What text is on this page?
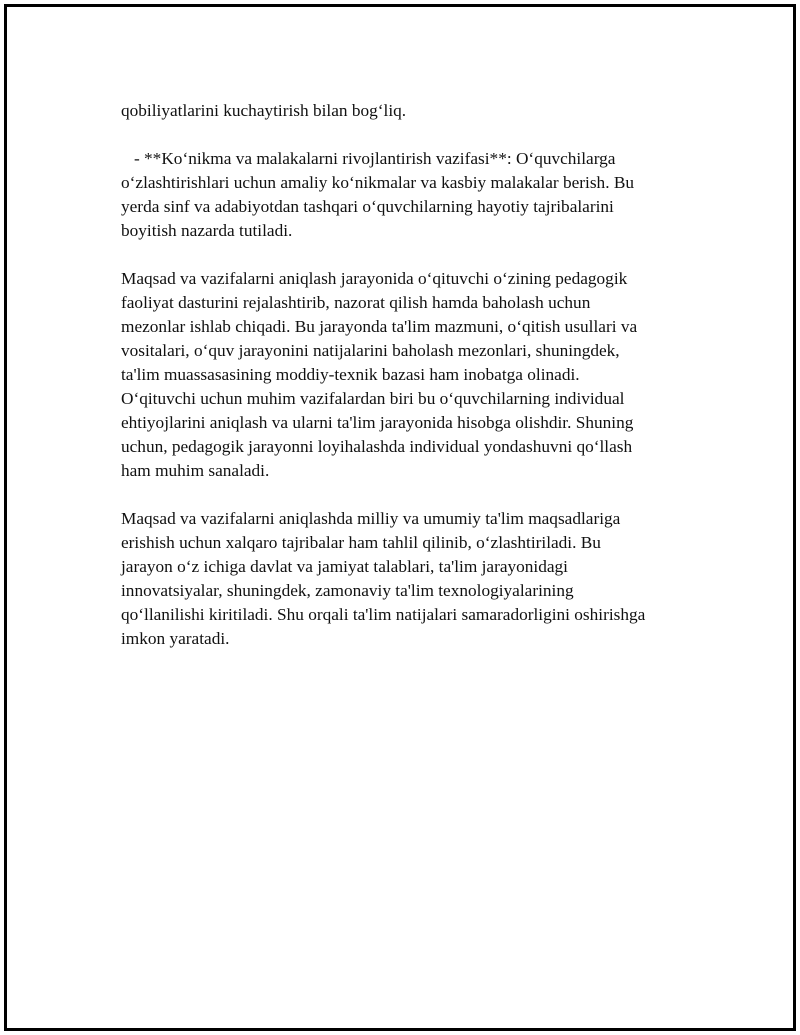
qobiliyatlarini kuchaytirish bilan bog‘liq.
- **Ko‘nikma va malakalarni rivojlantirish vazifasi**: O‘quvchilarga
o‘zlashtirishlari uchun amaliy ko‘nikmalar va kasbiy malakalar berish. Bu
yerda sinf va adabiyotdan tashqari o‘quvchilarning hayotiy tajribalarini
boyitish nazarda tutiladi.
Maqsad va vazifalarni aniqlash jarayonida o‘qituvchi o‘zining pedagogik
faoliyat dasturini rejalashtirib, nazorat qilish hamda baholash uchun
mezonlar ishlab chiqadi. Bu jarayonda ta'lim mazmuni, o‘qitish usullari va
vositalari, o‘quv jarayonini natijalarini baholash mezonlari, shuningdek,
ta'lim muassasasining moddiy-texnik bazasi ham inobatga olinadi.
O‘qituvchi uchun muhim vazifalardan biri bu o‘quvchilarning individual
ehtiyojlarini aniqlash va ularni ta'lim jarayonida hisobga olishdir. Shuning
uchun, pedagogik jarayonni loyihalashda individual yondashuvni qo‘llash
ham muhim sanaladi.
Maqsad va vazifalarni aniqlashda milliy va umumiy ta'lim maqsadlariga
erishish uchun xalqaro tajribalar ham tahlil qilinib, o‘zlashtiriladi. Bu
jarayon o‘z ichiga davlat va jamiyat talablari, ta'lim jarayonidagi
innovatsiyalar, shuningdek, zamonaviy ta'lim texnologiyalarining
qo‘llanilishi kiritiladi. Shu orqali ta'lim natijalari samaradorligini oshirishga
imkon yaratadi.
